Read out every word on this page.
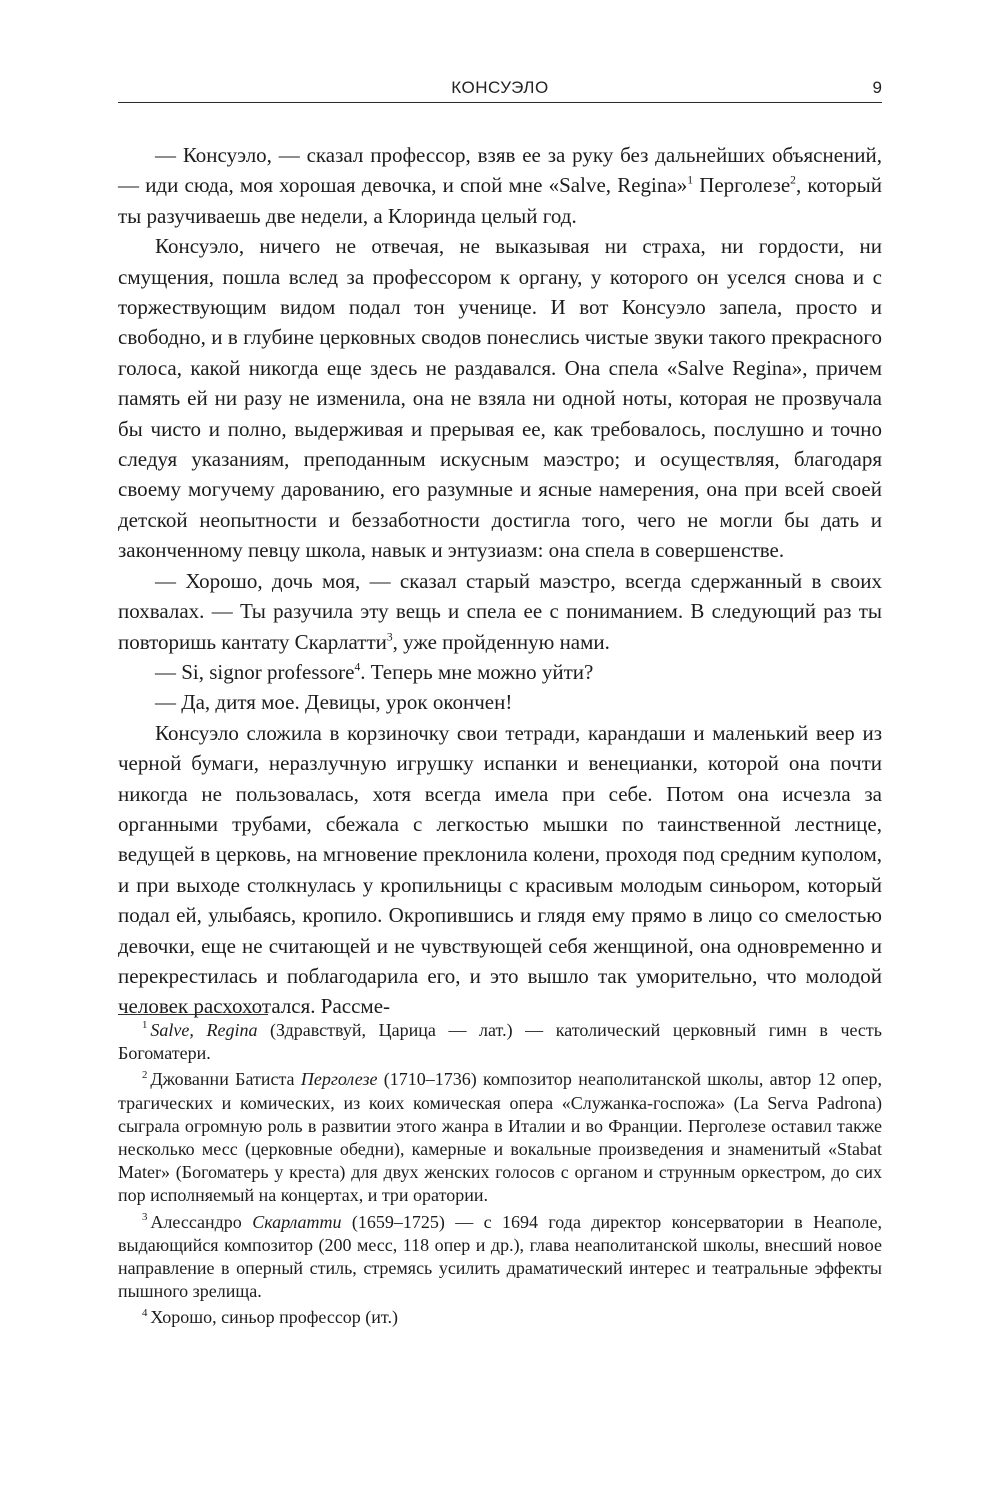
КОНСУЭЛО	9

— Консуэло, — сказал профессор, взяв ее за руку без дальнейших объяснений, — иди сюда, моя хорошая девочка, и спой мне «Salve, Regina»$^1$ Перголезе$^2$, который ты разучиваешь две недели, а Клоринда целый год.

Консуэло, ничего не отвечая, не выказывая ни страха, ни гордости, ни смущения, пошла вслед за профессором к органу, у которого он уселся снова и с торжествующим видом подал тон ученице. И вот Консуэло запела, просто и свободно, и в глубине церковных сводов понеслись чистые звуки такого прекрасного голоса, какой никогда еще здесь не раздавался. Она спела «Salve Regina», причем память ей ни разу не изменила, она не взяла ни одной ноты, которая не прозвучала бы чисто и полно, выдерживая и прерывая ее, как требовалось, послушно и точно следуя указаниям, преподанным искусным маэстро; и осуществляя, благодаря своему могучему дарованию, его разумные и ясные намерения, она при всей своей детской неопытности и беззаботности достигла того, чего не могли бы дать и законченному певцу школа, навык и энтузиазм: она спела в совершенстве.

— Хорошо, дочь моя, — сказал старый маэстро, всегда сдержанный в своих похвалах. — Ты разучила эту вещь и спела ее с пониманием. В следующий раз ты повторишь кантату Скарлатти$^3$, уже пройденную нами.

— Si, signor professore$^4$. Теперь мне можно уйти?

— Да, дитя мое. Девицы, урок окончен!

Консуэло сложила в корзиночку свои тетради, карандаши и маленький веер из черной бумаги, неразлучную игрушку испанки и венецианки, которой она почти никогда не пользовалась, хотя всегда имела при себе. Потом она исчезла за органными трубами, сбежала с легкостью мышки по таинственной лестнице, ведущей в церковь, на мгновение преклонила колени, проходя под средним куполом, и при выходе столкнулась у кропильницы с красивым молодым синьором, который подал ей, улыбаясь, кропило. Окропившись и глядя ему прямо в лицо со смелостью девочки, еще не считающей и не чувствующей себя женщиной, она одновременно и перекрестилась и поблагодарила его, и это вышло так уморительно, что молодой человек расхохотался. Рассме-

$^1$ Salve, Regina (Здравствуй, Царица — лат.) — католический церковный гимн в честь Богоматери.

$^2$ Джованни Батиста Перголезе (1710–1736) композитор неаполитанской школы, автор 12 опер, трагических и комических, из коих комическая опера «Служанка-госпожа» (La Serva Padrona) сыграла огромную роль в развитии этого жанра в Италии и во Франции. Перголезе оставил также несколько месс (церковные обедни), камерные и вокальные произведения и знаменитый «Stabat Mater» (Богоматерь у креста) для двух женских голосов с органом и струнным оркестром, до сих пор исполняемый на концертах, и три оратории.

$^3$ Алессандро Скарлатти (1659–1725) — с 1694 года директор консерватории в Неаполе, выдающийся композитор (200 месс, 118 опер и др.), глава неаполитанской школы, внесший новое направление в оперный стиль, стремясь усилить драматический интерес и театральные эффекты пышного зрелища.

$^4$ Хорошо, синьор профессор (ит.)
